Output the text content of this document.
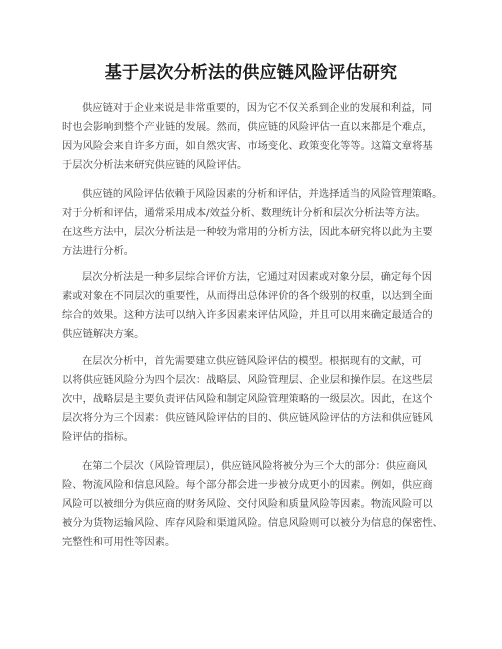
基于层次分析法的供应链风险评估研究
供应链对于企业来说是非常重要的，因为它不仅关系到企业的发展和利益，同
时也会影响到整个产业链的发展。然而，供应链的风险评估一直以来都是个难点，
因为风险会来自许多方面，如自然灾害、市场变化、政策变化等等。这篇文章将基
于层次分析法来研究供应链的风险评估。
供应链的风险评估依赖于风险因素的分析和评估，并选择适当的风险管理策略。
对于分析和评估，通常采用成本/效益分析、数理统计分析和层次分析法等方法。
在这些方法中，层次分析法是一种较为常用的分析方法，因此本研究将以此为主要
方法进行分析。
层次分析法是一种多层综合评价方法，它通过对因素或对象分层，确定每个因
素或对象在不同层次的重要性，从而得出总体评价的各个级别的权重，以达到全面
综合的效果。这种方法可以纳入许多因素来评估风险，并且可以用来确定最适合的
供应链解决方案。
在层次分析中，首先需要建立供应链风险评估的模型。根据现有的文献，可
以将供应链风险分为四个层次：战略层、风险管理层、企业层和操作层。在这些层
次中，战略层是主要负责评估风险和制定风险管理策略的一级层次。因此，在这个
层次将分为三个因素：供应链风险评估的目的、供应链风险评估的方法和供应链风
险评估的指标。
在第二个层次（风险管理层），供应链风险将被分为三个大的部分：供应商风
险、物流风险和信息风险。每个部分都会进一步被分成更小的因素。例如，供应商
风险可以被细分为供应商的财务风险、交付风险和质量风险等因素。物流风险可以
被分为货物运输风险、库存风险和渠道风险。信息风险则可以被分为信息的保密性、
完整性和可用性等因素。
